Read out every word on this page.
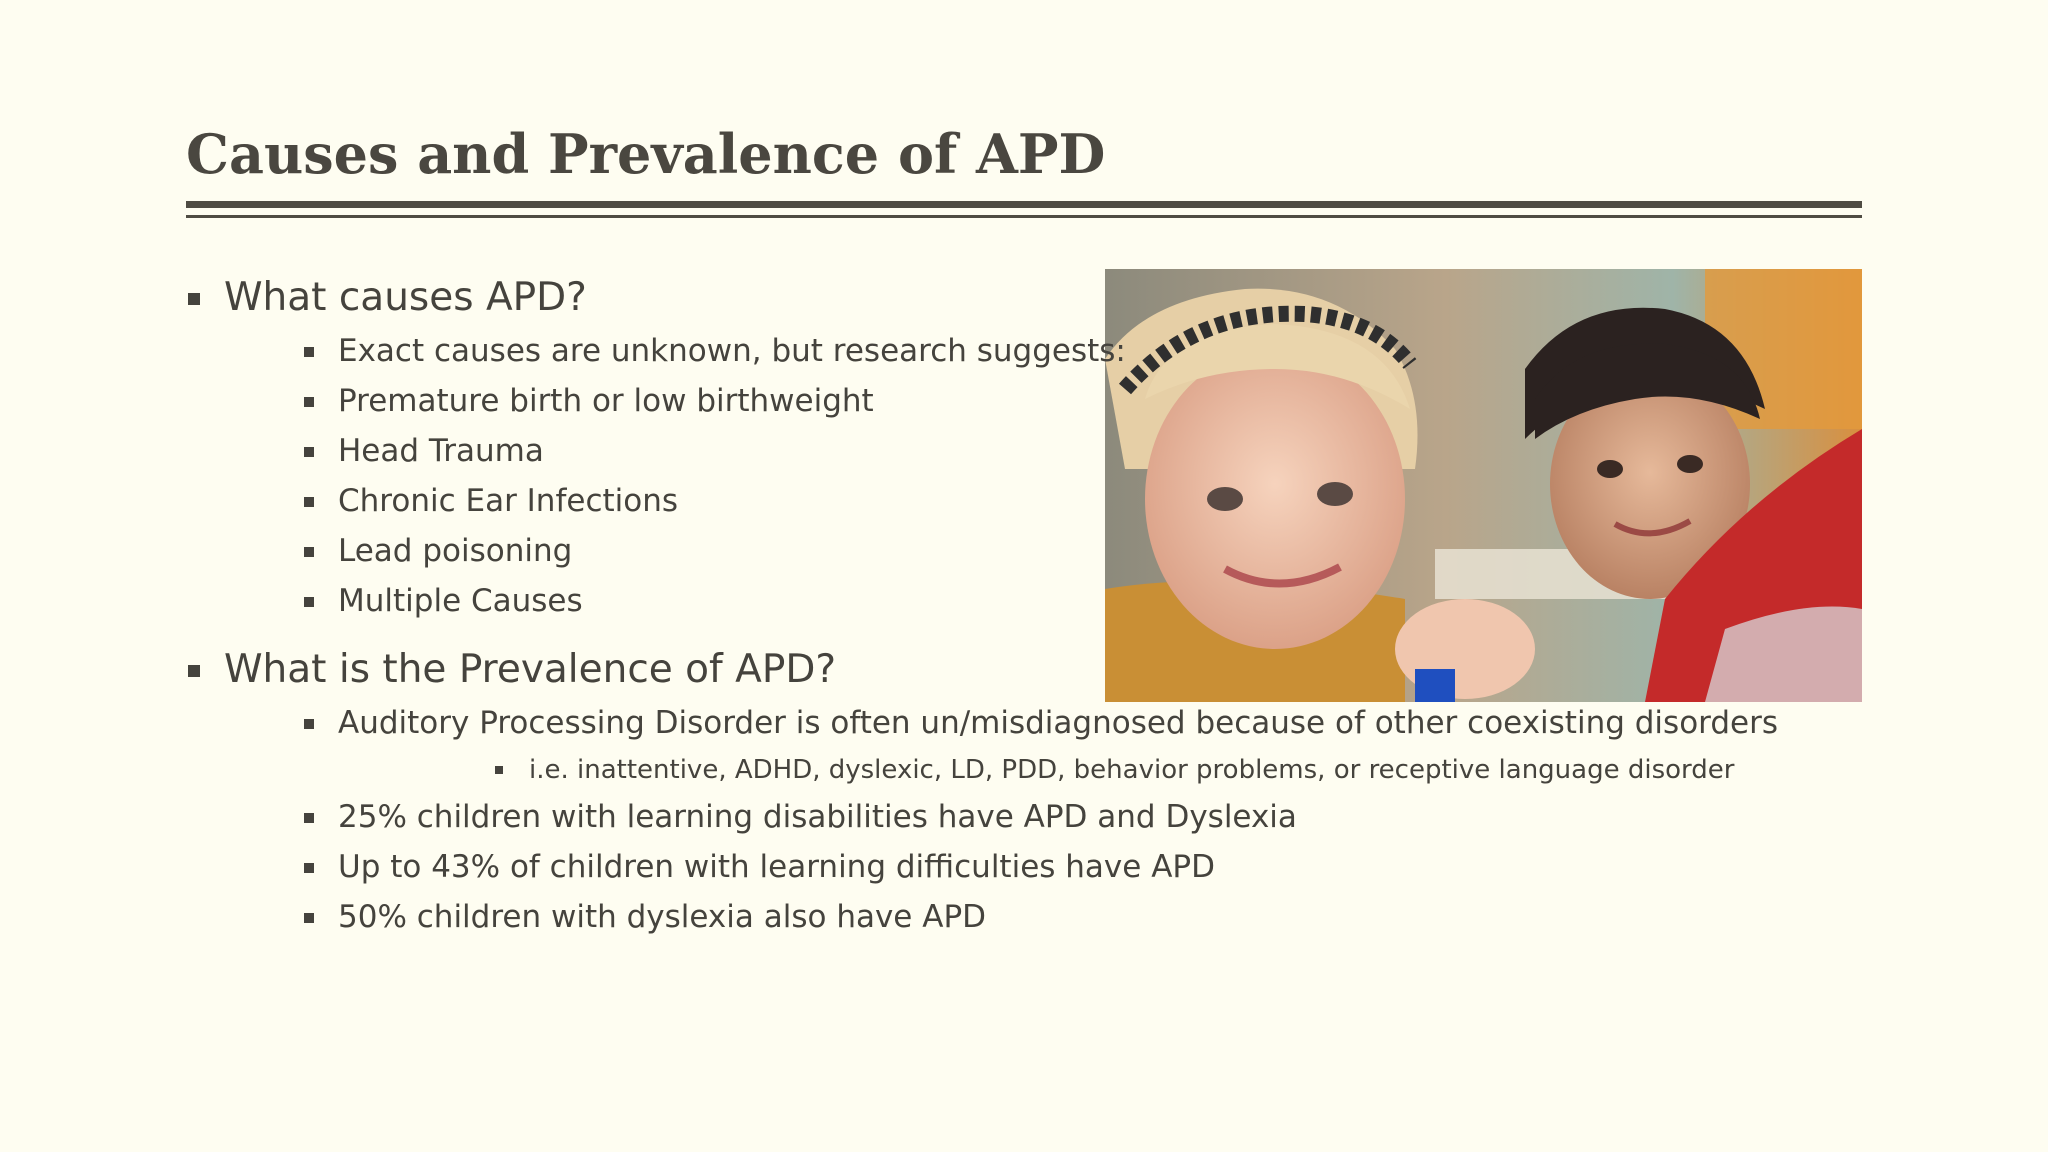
Causes and Prevalence of APD
What causes APD?
Exact causes are unknown, but research suggests:
Premature birth or low birthweight
Head Trauma
Chronic Ear Infections
Lead poisoning
Multiple Causes
What is the Prevalence of APD?
Auditory Processing Disorder is often un/misdiagnosed because of other coexisting disorders
i.e. inattentive, ADHD, dyslexic, LD, PDD, behavior problems, or receptive language disorder
25% children with learning disabilities have APD and Dyslexia
Up to 43% of children with learning difficulties have APD
50% children with dyslexia also have APD
